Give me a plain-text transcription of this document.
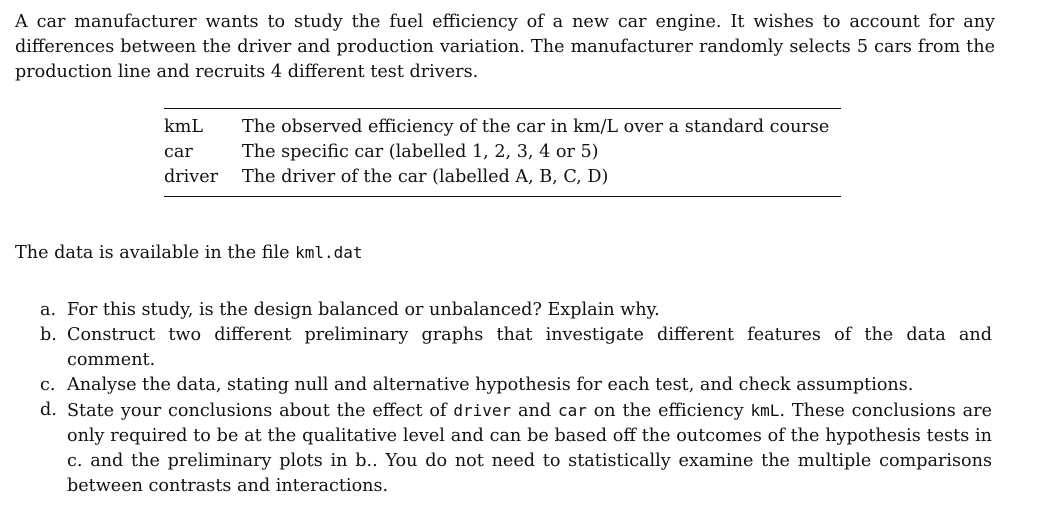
A car manufacturer wants to study the fuel efficiency of a new car engine. It wishes to account for any differences between the driver and production variation. The manufacturer randomly selects 5 cars from the production line and recruits 4 different test drivers.

kmL	The observed efficiency of the car in km/L over a standard course
car	The specific car (labelled 1, 2, 3, 4 or 5)
driver	The driver of the car (labelled A, B, C, D)

The data is available in the file kml.dat

a. For this study, is the design balanced or unbalanced? Explain why.
b. Construct two different preliminary graphs that investigate different features of the data and comment.
c. Analyse the data, stating null and alternative hypothesis for each test, and check assumptions.
d. State your conclusions about the effect of driver and car on the efficiency kmL. These conclusions are only required to be at the qualitative level and can be based off the outcomes of the hypothesis tests in c. and the preliminary plots in b.. You do not need to statistically examine the multiple comparisons between contrasts and interactions.
